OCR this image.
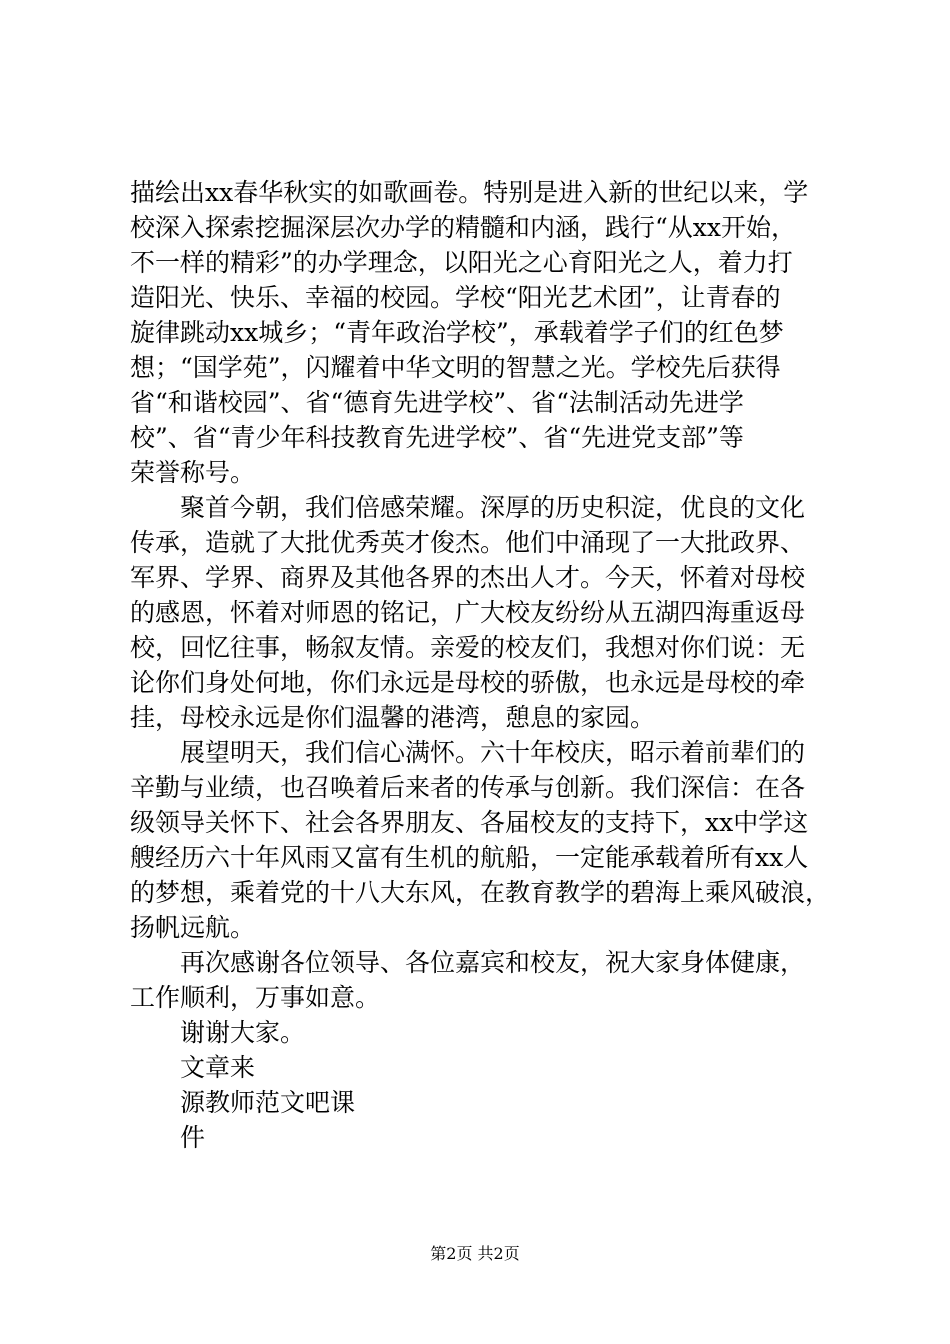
描绘出xx春华秋实的如歌画卷。特别是进入新的世纪以来，学
校深入探索挖掘深层次办学的精髓和内涵，践行“从xx开始，
不一样的精彩”的办学理念，以阳光之心育阳光之人，着力打
造阳光、快乐、幸福的校园。学校“阳光艺术团”，让青春的
旋律跳动xx城乡；“青年政治学校”，承载着学子们的红色梦
想；“国学苑”，闪耀着中华文明的智慧之光。学校先后获得
省“和谐校园”、省“德育先进学校”、省“法制活动先进学
校”、省“青少年科技教育先进学校”、省“先进党支部”等
荣誉称号。
聚首今朝，我们倍感荣耀。深厚的历史积淀，优良的文化
传承，造就了大批优秀英才俊杰。他们中涌现了一大批政界、
军界、学界、商界及其他各界的杰出人才。今天，怀着对母校
的感恩，怀着对师恩的铭记，广大校友纷纷从五湖四海重返母
校，回忆往事，畅叙友情。亲爱的校友们，我想对你们说：无
论你们身处何地，你们永远是母校的骄傲，也永远是母校的牵
挂，母校永远是你们温馨的港湾，憩息的家园。
展望明天，我们信心满怀。六十年校庆，昭示着前辈们的
辛勤与业绩，也召唤着后来者的传承与创新。我们深信：在各
级领导关怀下、社会各界朋友、各届校友的支持下，xx中学这
艘经历六十年风雨又富有生机的航船，一定能承载着所有xx人
的梦想，乘着党的十八大东风，在教育教学的碧海上乘风破浪，
扬帆远航。
再次感谢各位领导、各位嘉宾和校友，祝大家身体健康，
工作顺利，万事如意。
谢谢大家。
文章来
源教师范文吧课
件
第2页 共2页
